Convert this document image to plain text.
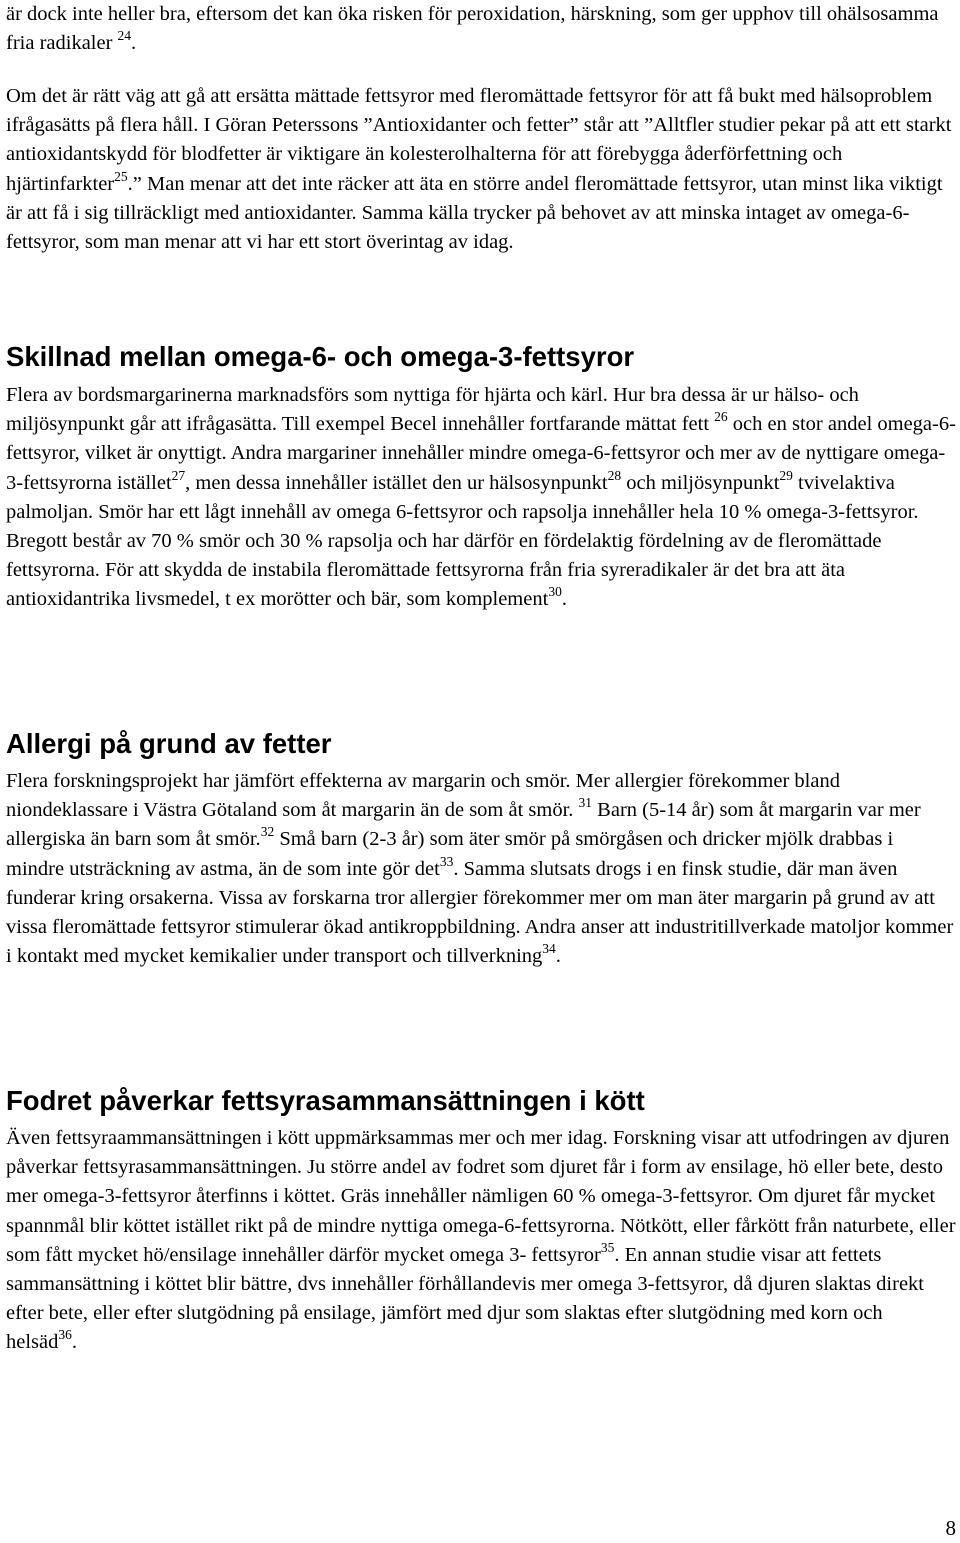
är dock inte heller bra, eftersom det kan öka risken för peroxidation, härskning, som ger upphov till ohälsosamma fria radikaler $^{24}$.

Om det är rätt väg att gå att ersätta mättade fettsyror med fleromättade fettsyror för att få bukt med hälsoproblem ifrågasätts på flera håll. I Göran Peterssons ”Antioxidanter och fetter” står att ”Alltfler studier pekar på att ett starkt antioxidantskydd för blodfetter är viktigare än kolesterolhalterna för att förebygga åderförfettning och hjärtinfarkter$^{25}$.” Man menar att det inte räcker att äta en större andel fleromättade fettsyror, utan minst lika viktigt är att få i sig tillräckligt med antioxidanter. Samma källa trycker på behovet av att minska intaget av omega-6-fettsyror, som man menar att vi har ett stort överintag av idag.

Skillnad mellan omega-6- och omega-3-fettsyror

Flera av bordsmargarinerna marknadsförs som nyttiga för hjärta och kärl. Hur bra dessa är ur hälso- och miljösynpunkt går att ifrågasätta. Till exempel Becel innehåller fortfarande mättat fett $^{26}$ och en stor andel omega-6-fettsyror, vilket är onyttigt. Andra margariner innehåller mindre omega-6-fettsyror och mer av de nyttigare omega-3-fettsyrorna istället$^{27}$, men dessa innehåller istället den ur hälsosynpunkt$^{28}$ och miljösynpunkt$^{29}$ tvivelaktiva palmoljan. Smör har ett lågt innehåll av omega 6-fettsyror och rapsolja innehåller hela 10 % omega-3-fettsyror. Bregott består av 70 % smör och 30 % rapsolja och har därför en fördelaktig fördelning av de fleromättade fettsyrorna. För att skydda de instabila fleromättade fettsyrorna från fria syreradikaler är det bra att äta antioxidantrika livsmedel, t ex morötter och bär, som komplement$^{30}$.

Allergi på grund av fetter

Flera forskningsprojekt har jämfört effekterna av margarin och smör. Mer allergier förekommer bland niondeklassare i Västra Götaland som åt margarin än de som åt smör. $^{31}$ Barn (5-14 år) som åt margarin var mer allergiska än barn som åt smör.$^{32}$ Små barn (2-3 år) som äter smör på smörgåsen och dricker mjölk drabbas i mindre utsträckning av astma, än de som inte gör $\det^{33}$. Samma slutsats drogs i en finsk studie, där man även funderar kring orsakerna. Vissa av forskarna tror allergier förekommer mer om man äter margarin på grund av att vissa fleromättade fettsyror stimulerar ökad antikroppbildning. Andra anser att industritillverkade matoljor kommer i kontakt med mycket kemikalier under transport och tillverkning$^{34}$.

Fodret påverkar fettsyrasammansättningen i kött

Även fettsyraammansättningen i kött uppmärksammas mer och mer idag. Forskning visar att utfodringen av djuren påverkar fettsyrasammansättningen. Ju större andel av fodret som djuret får i form av ensilage, hö eller bete, desto mer omega-3-fettsyror återfinns i köttet. Gräs innehåller nämligen 60 % omega-3-fettsyror. Om djuret får mycket spannmål blir köttet istället rikt på de mindre nyttiga omega-6-fettsyrorna. Nötkött, eller fårkött från naturbete, eller som fått mycket hö/ensilage innehåller därför mycket omega 3- fettsyror$^{35}$. En annan studie visar att fettets sammansättning i köttet blir bättre, dvs innehåller förhållandevis mer omega 3-fettsyror, då djuren slaktas direkt efter bete, eller efter slutgödning på ensilage, jämfört med djur som slaktas efter slutgödning med korn och helsäd$^{36}$.

8
